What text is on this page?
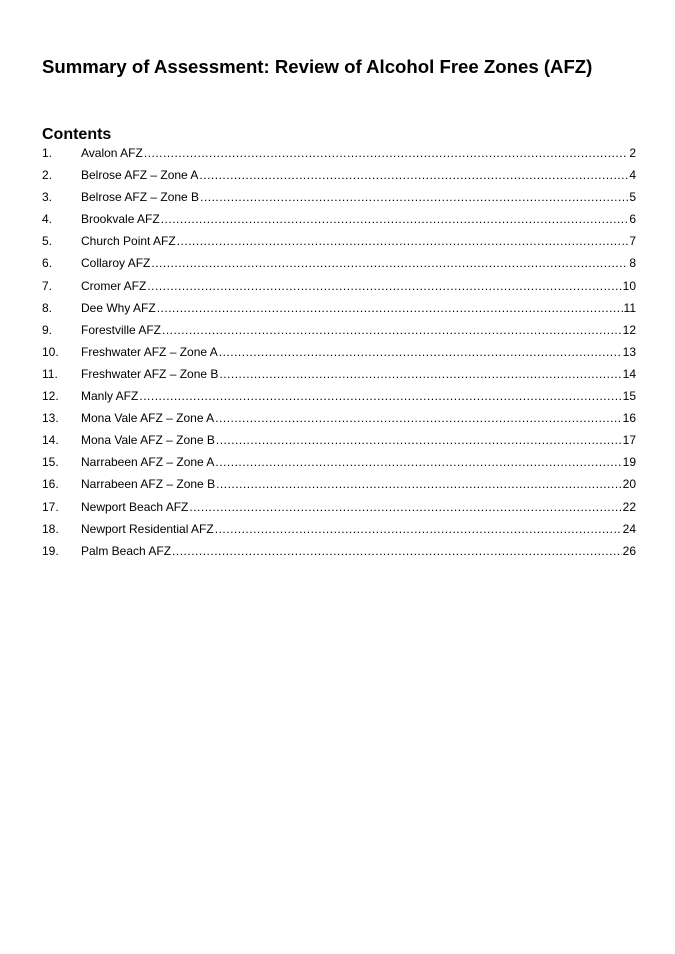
Summary of Assessment: Review of Alcohol Free Zones (AFZ)
Contents
1.	Avalon AFZ .....	2
2.	Belrose AFZ – Zone A .....	4
3.	Belrose AFZ – Zone B .....	5
4.	Brookvale AFZ .....	6
5.	Church Point AFZ .....	7
6.	Collaroy AFZ .....	8
7.	Cromer AFZ .....	10
8.	Dee Why AFZ .....	11
9.	Forestville AFZ .....	12
10.	Freshwater AFZ – Zone A .....	13
11.	Freshwater AFZ – Zone B .....	14
12.	Manly AFZ .....	15
13.	Mona Vale AFZ – Zone A .....	16
14.	Mona Vale AFZ – Zone B .....	17
15.	Narrabeen AFZ – Zone A .....	19
16.	Narrabeen AFZ – Zone B .....	20
17.	Newport Beach AFZ .....	22
18.	Newport Residential AFZ .....	24
19.	Palm Beach AFZ .....	26
